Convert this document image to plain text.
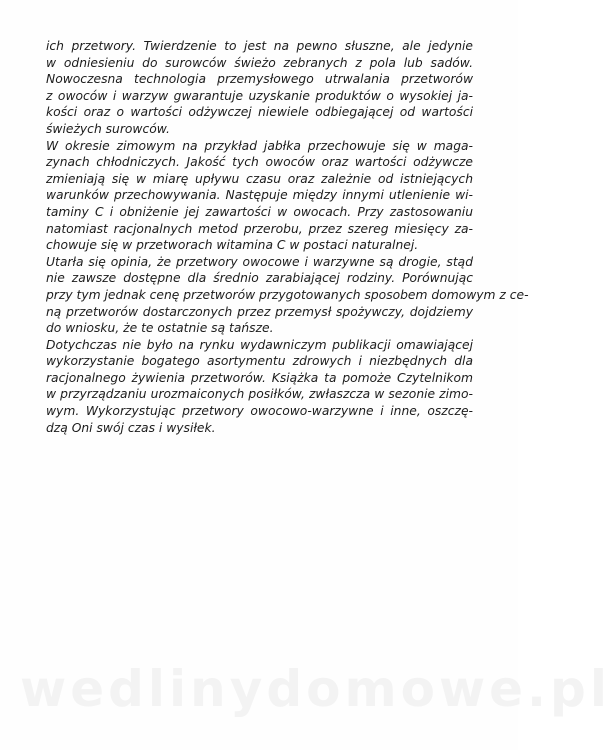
ich przetwory. Twierdzenie to jest na pewno słuszne, ale jedynie
w odniesieniu do surowców świeżo zebranych z pola lub sadów.
Nowoczesna technologia przemysłowego utrwalania przetworów
z owoców i warzyw gwarantuje uzyskanie produktów o wysokiej ja-
kości oraz o wartości odżywczej niewiele odbiegającej od wartości
świeżych surowców.

W okresie zimowym na przykład jabłka przechowuje się w maga-
zynach chłodniczych. Jakość tych owoców oraz wartości odżywcze
zmieniają się w miarę upływu czasu oraz zależnie od istniejących
warunków przechowywania. Następuje między innymi utlenienie wi-
taminy C i obniżenie jej zawartości w owocach. Przy zastosowaniu
natomiast racjonalnych metod przerobu, przez szereg miesięcy za-
chowuje się w przetworach witamina C w postaci naturalnej.

Utarła się opinia, że przetwory owocowe i warzywne są drogie, stąd
nie zawsze dostępne dla średnio zarabiającej rodziny. Porównując
przy tym jednak cenę przetworów przygotowanych sposobem domowym z ce-
ną przetworów dostarczonych przez przemysł spożywczy, dojdziemy
do wniosku, że te ostatnie są tańsze.

Dotychczas nie było na rynku wydawniczym publikacji omawiającej
wykorzystanie bogatego asortymentu zdrowych i niezbędnych dla
racjonalnego żywienia przetworów. Książka ta pomoże Czytelnikom
w przyrządzaniu urozmaiconych posiłków, zwłaszcza w sezonie zimo-
wym. Wykorzystując przetwory owocowo-warzywne i inne, oszczę-
dzą Oni swój czas i wysiłek.

wedlinydomowe.pl
